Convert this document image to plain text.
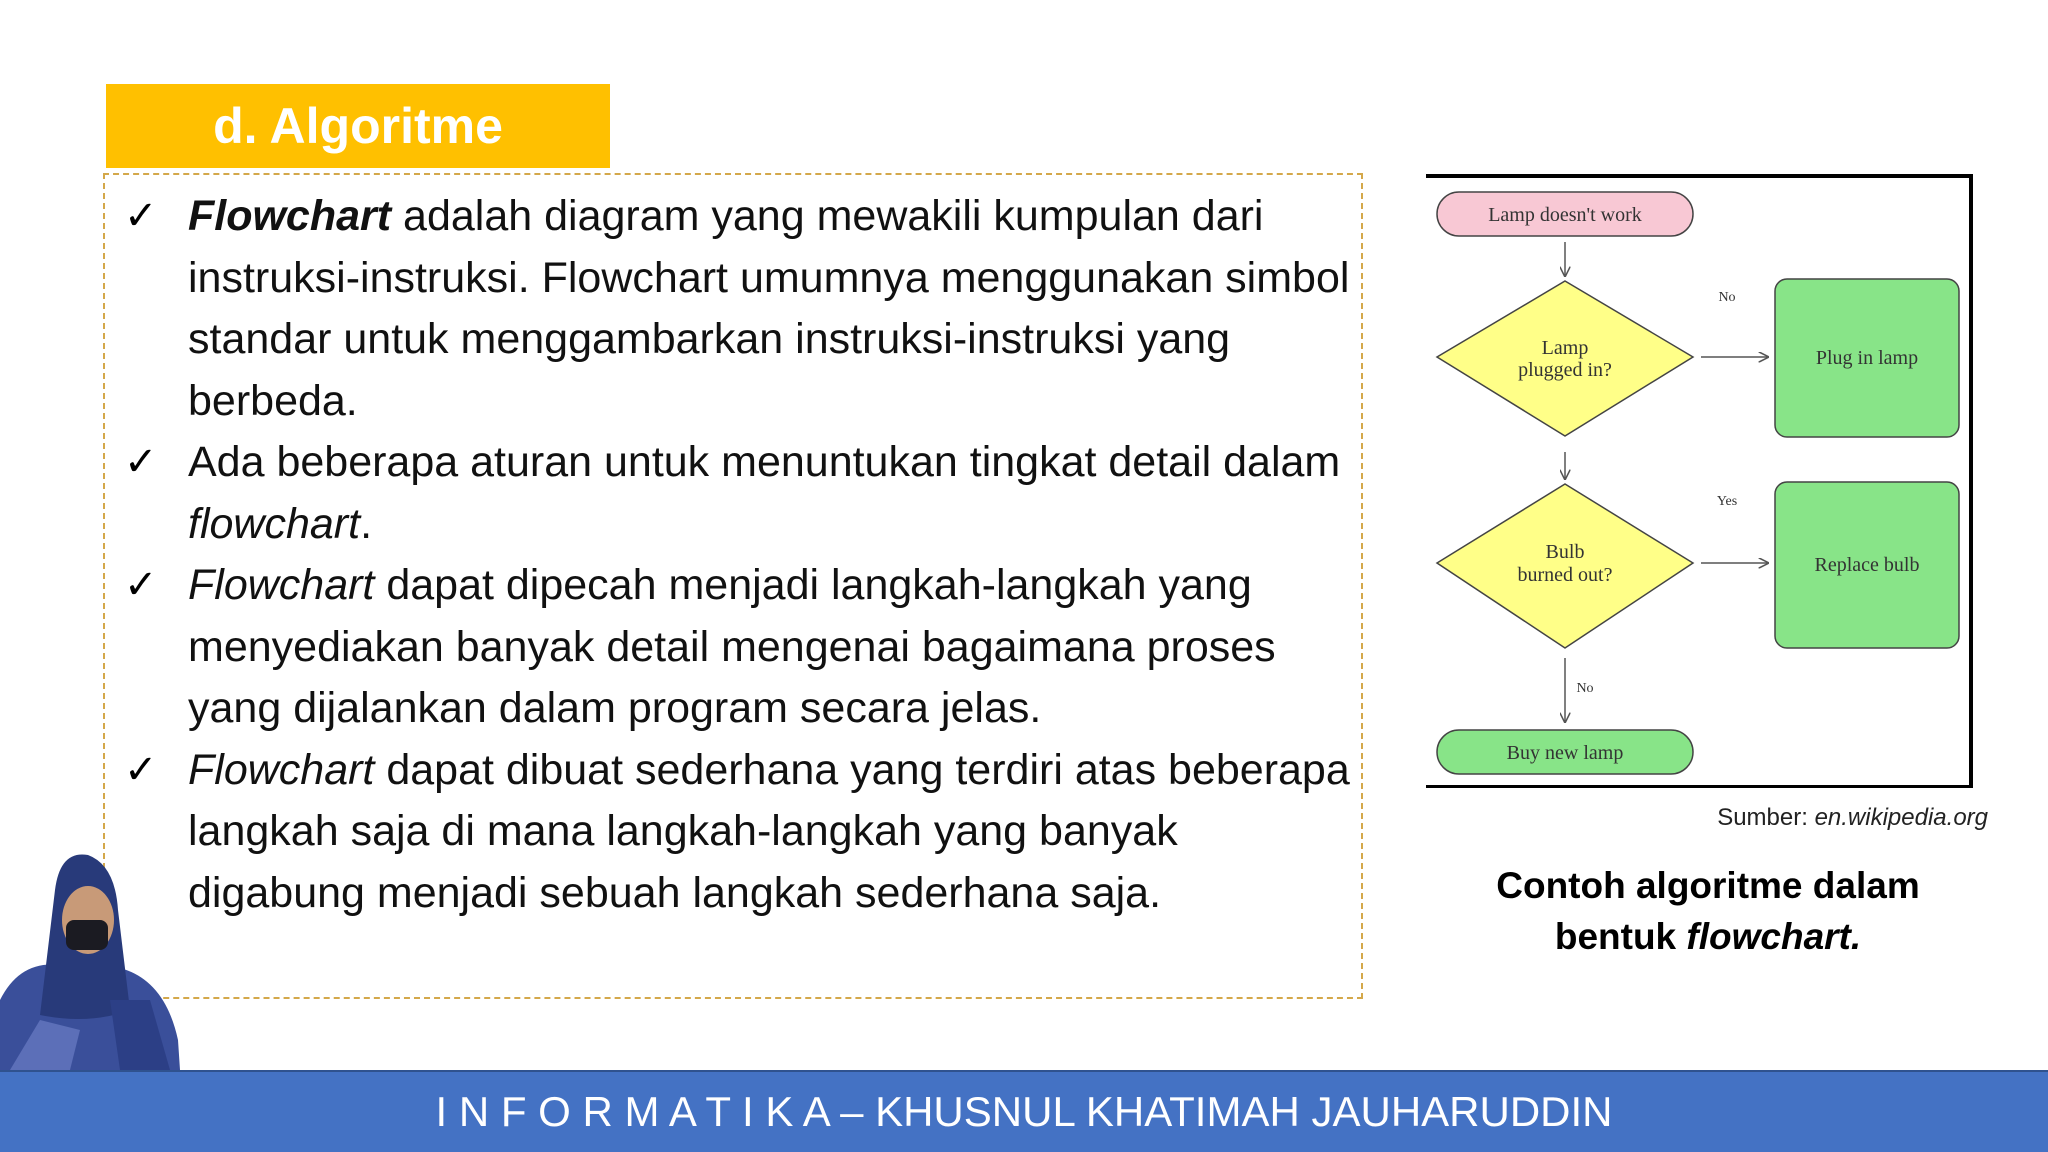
d. Algoritme
✓ Flowchart adalah diagram yang mewakili kumpulan dari instruksi-instruksi. Flowchart umumnya menggunakan simbol standar untuk menggambarkan instruksi-instruksi yang berbeda.
✓ Ada beberapa aturan untuk menuntukan tingkat detail dalam flowchart.
✓ Flowchart dapat dipecah menjadi langkah-langkah yang menyediakan banyak detail mengenai bagaimana proses yang dijalankan dalam program secara jelas.
✓ Flowchart dapat dibuat sederhana yang terdiri atas beberapa langkah saja di mana langkah-langkah yang banyak digabung menjadi sebuah langkah sederhana saja.
Lamp doesn't work
Lamp
plugged in?
No
Plug in lamp
Bulb
burned out?
Yes
Replace bulb
No
Buy new lamp
Sumber: en.wikipedia.org
Contoh algoritme dalam
bentuk flowchart.
I N F O R M A T I K A – KHUSNUL KHATIMAH JAUHARUDDIN
